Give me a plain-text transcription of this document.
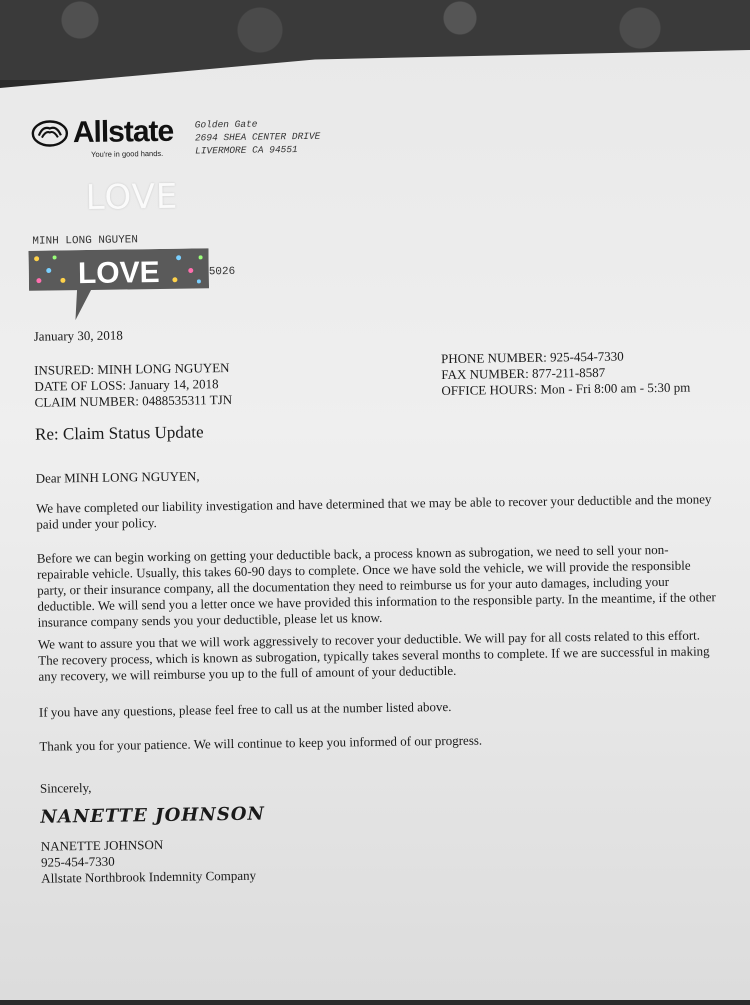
Allstate
You're in good hands.
Golden Gate
2694 SHEA CENTER DRIVE
LIVERMORE CA 94551
LOVE
MINH LONG NGUYEN
LOVE	5026
January 30, 2018
INSURED: MINH LONG NGUYEN
DATE OF LOSS: January 14, 2018
CLAIM NUMBER: 0488535311 TJN
PHONE NUMBER: 925-454-7330
FAX NUMBER: 877-211-8587
OFFICE HOURS: Mon - Fri 8:00 am - 5:30 pm
Re: Claim Status Update
Dear MINH LONG NGUYEN,
We have completed our liability investigation and have determined that we may be able to recover your deductible and the money paid under your policy.
Before we can begin working on getting your deductible back, a process known as subrogation, we need to sell your non-repairable vehicle. Usually, this takes 60-90 days to complete. Once we have sold the vehicle, we will provide the responsible party, or their insurance company, all the documentation they need to reimburse us for your auto damages, including your deductible. We will send you a letter once we have provided this information to the responsible party. In the meantime, if the other insurance company sends you your deductible, please let us know.
We want to assure you that we will work aggressively to recover your deductible. We will pay for all costs related to this effort. The recovery process, which is known as subrogation, typically takes several months to complete. If we are successful in making any recovery, we will reimburse you up to the full of amount of your deductible.
If you have any questions, please feel free to call us at the number listed above.
Thank you for your patience. We will continue to keep you informed of our progress.
Sincerely,
NANETTE JOHNSON
NANETTE JOHNSON
925-454-7330
Allstate Northbrook Indemnity Company
